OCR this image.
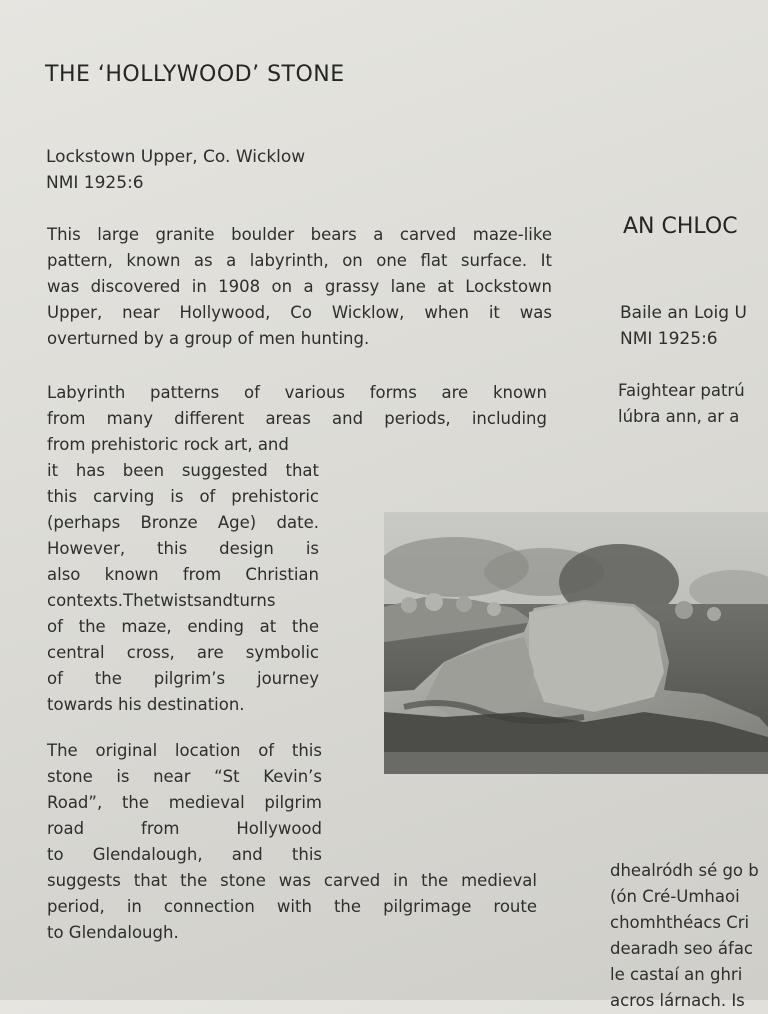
THE ‘HOLLYWOOD’ STONE
Lockstown Upper, Co. Wicklow
NMI 1925:6

This large granite boulder bears a carved maze-like
pattern, known as a labyrinth, on one flat surface. It
was discovered in 1908 on a grassy lane at Lockstown
Upper, near Hollywood, Co Wicklow, when it was
overturned by a group of men hunting.

Labyrinth patterns of various forms are known
from many different areas and periods, including
from prehistoric rock art, and
it has been suggested that
this carving is of prehistoric
(perhaps Bronze Age) date.
However, this design is
also known from Christian
contexts.Thetwistsandturns
of the maze, ending at the
central cross, are symbolic
of the pilgrim’s journey
towards his destination.

The original location of this
stone is near “St Kevin’s
Road”, the medieval pilgrim
road from Hollywood
to Glendalough, and this
suggests that the stone was carved in the medieval
period, in connection with the pilgrimage route
to Glendalough.

AN CHLOC
Baile an Loig U
NMI 1925:6
Faightear patrú
lúbra ann, ar a
dhealródh sé go b
(ón Cré-Umhaoi
chomhthéacs Cri
dearadh seo áfac
le castaí an ghri
acros lárnach. Is
